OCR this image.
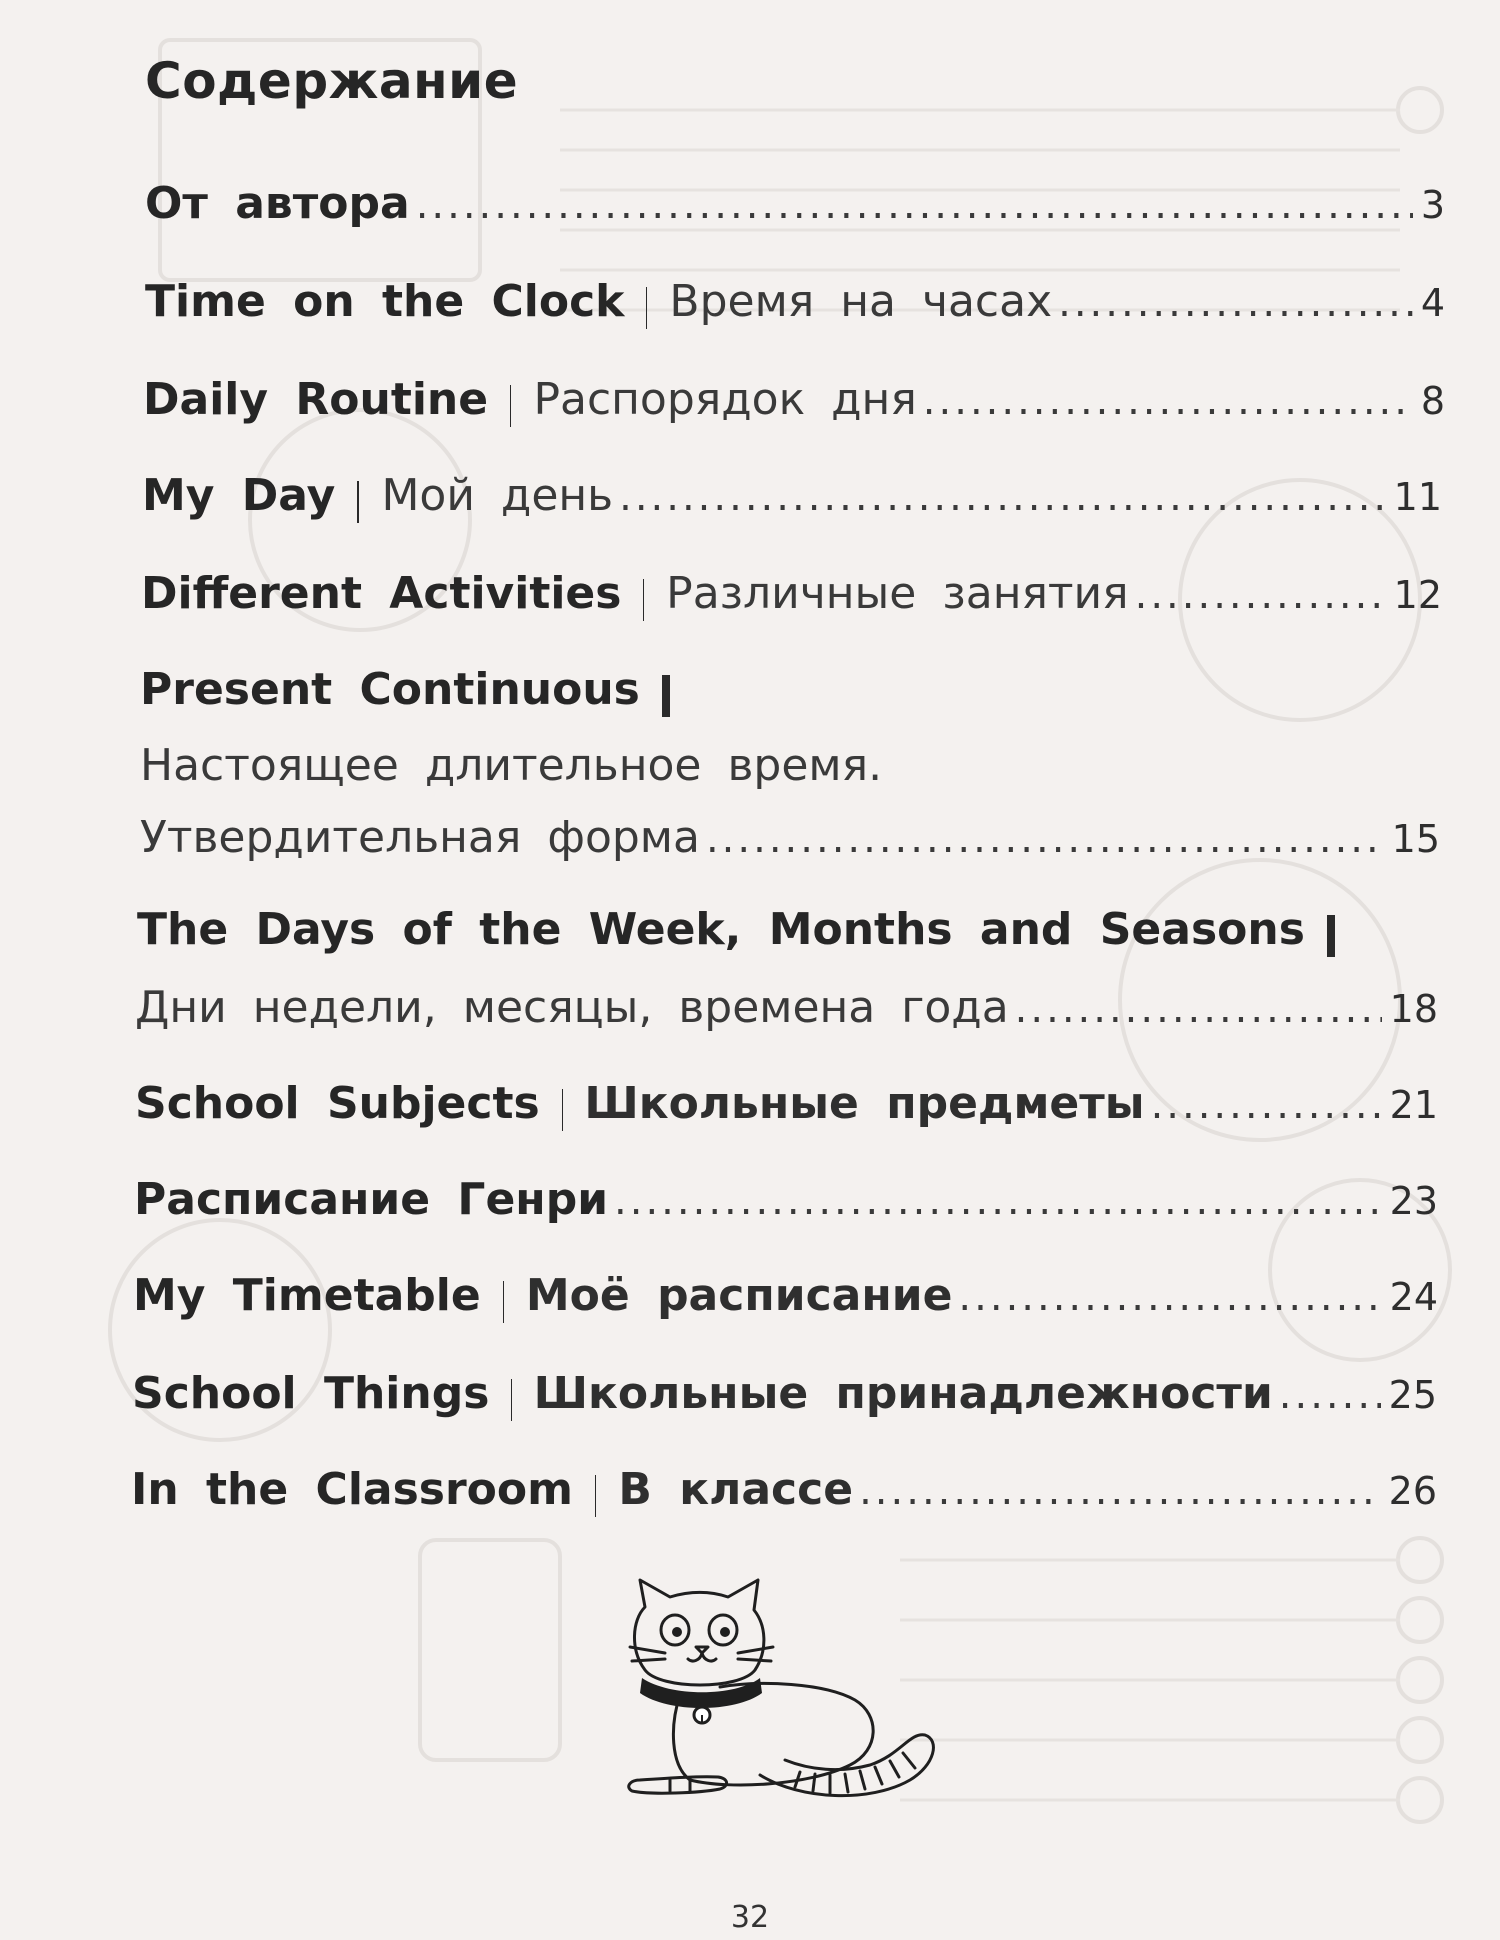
Содержание
От автора .....	3
Time on the Clock Время на часах .....	4
Daily Routine Распорядок дня .....	8
My Day Мой день .....	11
Different Activities Различные занятия .....	12
Present Continuous
Настоящее длительное время.
Утвердительная форма .....	15
The Days of the Week, Months and Seasons
Дни недели, месяцы, времена года .....	18
School Subjects Школьные предметы .....	21
Расписание Генри .....	23
My Timetable Моё расписание .....	24
School Things Школьные принадлежности .....	25
In the Classroom В классе .....	26
32
